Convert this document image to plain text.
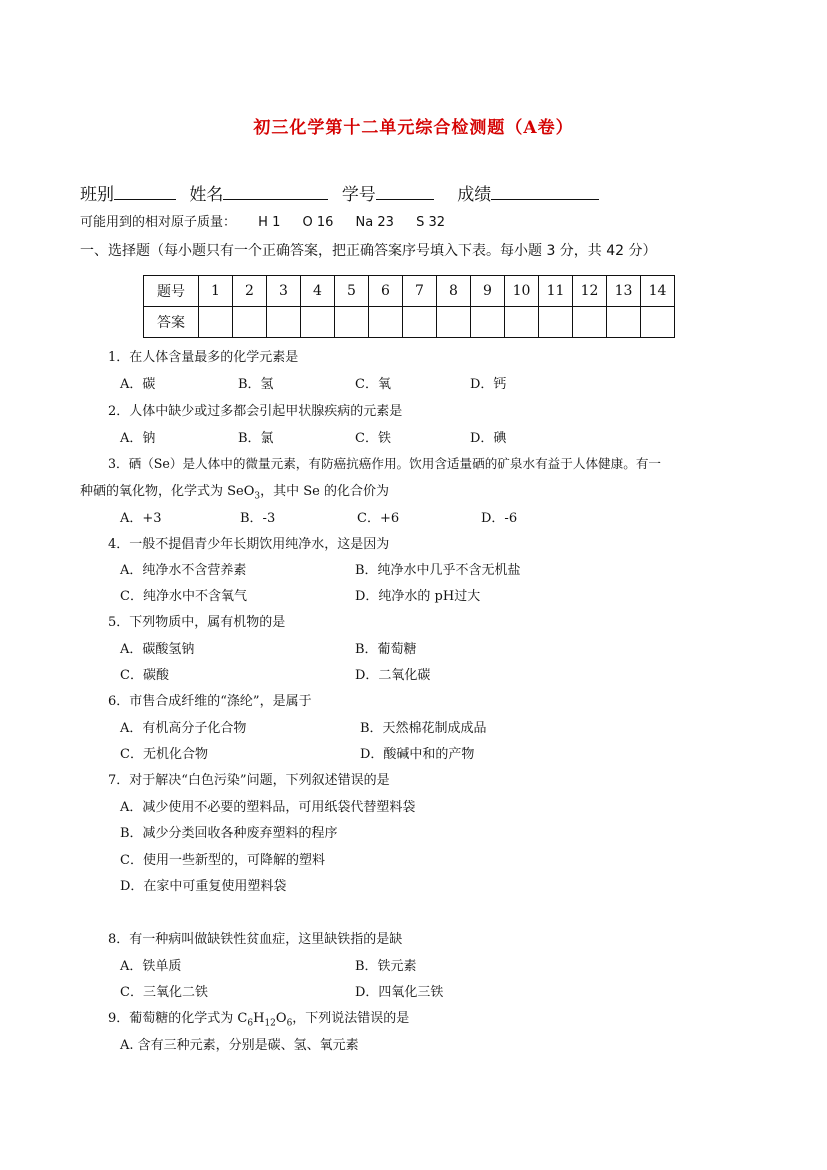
初三化学第十二单元综合检测题（A卷）
班别	姓名	学号	成绩
可能用到的相对原子质量： H 1 O 16 Na 23 S 32
一、选择题（每小题只有一个正确答案，把正确答案序号填入下表。每小题 3 分，共 42 分）
题号	1	2	3	4	5	6	7	8	9	10	11	12	13	14
答案														
1．在人体含量最多的化学元素是
A．碳	B．氢	C．氧	D．钙
2．人体中缺少或过多都会引起甲状腺疾病的元素是
A．钠	B．氯	C．铁	D．碘
3．硒（Se）是人体中的微量元素，有防癌抗癌作用。饮用含适量硒的矿泉水有益于人体健康。有一
种硒的氧化物，化学式为 SeO$_3$，其中 Se 的化合价为
A．+3	B．-3	C．+6	D．-6
4．一般不提倡青少年长期饮用纯净水，这是因为
A．纯净水不含营养素	B．纯净水中几乎不含无机盐
C．纯净水中不含氧气	D．纯净水的 pH过大
5．下列物质中，属有机物的是
A．碳酸氢钠	B．葡萄糖
C．碳酸	D．二氧化碳
6．市售合成纤维的“涤纶”，是属于
A．有机高分子化合物	B．天然棉花制成成品
C．无机化合物	D．酸碱中和的产物
7．对于解决“白色污染”问题，下列叙述错误的是
A．减少使用不必要的塑料品，可用纸袋代替塑料袋
B．减少分类回收各种废弃塑料的程序
C．使用一些新型的，可降解的塑料
D．在家中可重复使用塑料袋
8．有一种病叫做缺铁性贫血症，这里缺铁指的是缺
A．铁单质	B．铁元素
C．三氧化二铁	D．四氧化三铁
9．葡萄糖的化学式为 $C_6H_{12}O_6$，下列说法错误的是
A. 含有三种元素，分别是碳、氢、氧元素
